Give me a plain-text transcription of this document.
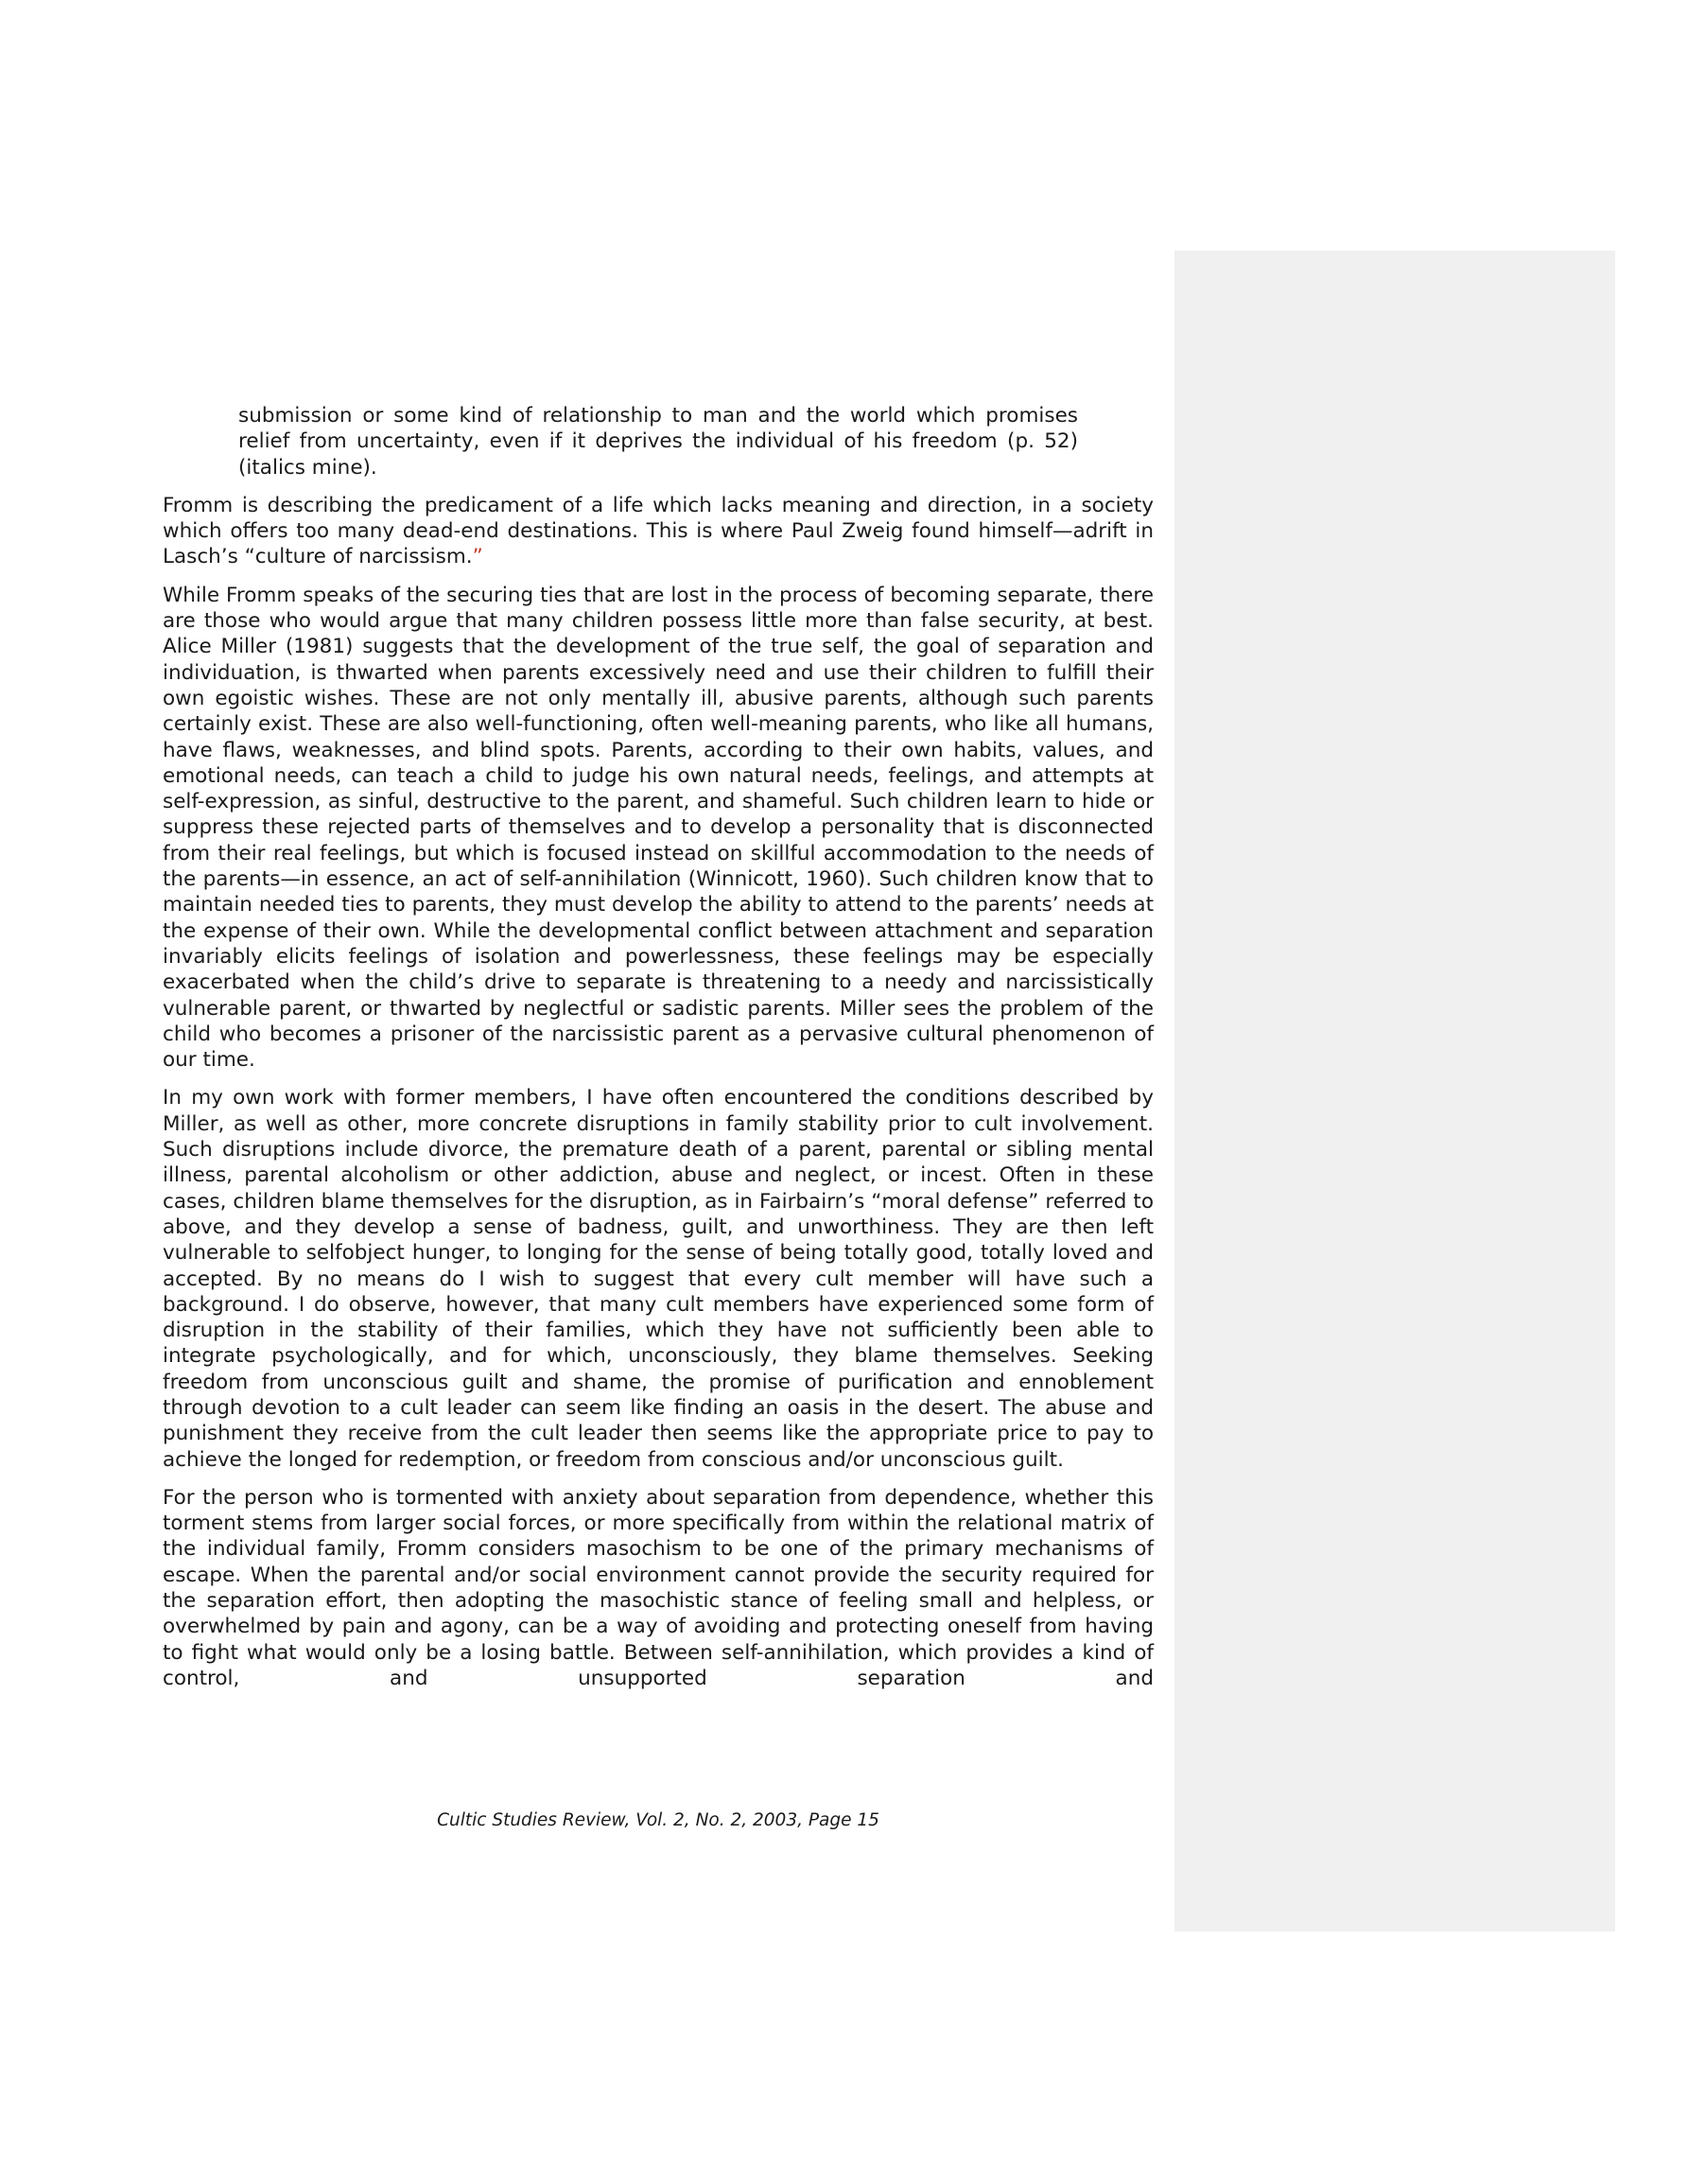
submission or some kind of relationship to man and the world which promises relief from uncertainty, even if it deprives the individual of his freedom (p. 52) (italics mine).

Fromm is describing the predicament of a life which lacks meaning and direction, in a society which offers too many dead-end destinations. This is where Paul Zweig found himself—adrift in Lasch’s “culture of narcissism.”

While Fromm speaks of the securing ties that are lost in the process of becoming separate, there are those who would argue that many children possess little more than false security, at best. Alice Miller (1981) suggests that the development of the true self, the goal of separation and individuation, is thwarted when parents excessively need and use their children to fulfill their own egoistic wishes. These are not only mentally ill, abusive parents, although such parents certainly exist. These are also well-functioning, often well-meaning parents, who like all humans, have flaws, weaknesses, and blind spots. Parents, according to their own habits, values, and emotional needs, can teach a child to judge his own natural needs, feelings, and attempts at self-expression, as sinful, destructive to the parent, and shameful. Such children learn to hide or suppress these rejected parts of themselves and to develop a personality that is disconnected from their real feelings, but which is focused instead on skillful accommodation to the needs of the parents—in essence, an act of self-annihilation (Winnicott, 1960). Such children know that to maintain needed ties to parents, they must develop the ability to attend to the parents’ needs at the expense of their own. While the developmental conflict between attachment and separation invariably elicits feelings of isolation and powerlessness, these feelings may be especially exacerbated when the child’s drive to separate is threatening to a needy and narcissistically vulnerable parent, or thwarted by neglectful or sadistic parents. Miller sees the problem of the child who becomes a prisoner of the narcissistic parent as a pervasive cultural phenomenon of our time.

In my own work with former members, I have often encountered the conditions described by Miller, as well as other, more concrete disruptions in family stability prior to cult involvement. Such disruptions include divorce, the premature death of a parent, parental or sibling mental illness, parental alcoholism or other addiction, abuse and neglect, or incest. Often in these cases, children blame themselves for the disruption, as in Fairbairn’s “moral defense” referred to above, and they develop a sense of badness, guilt, and unworthiness. They are then left vulnerable to selfobject hunger, to longing for the sense of being totally good, totally loved and accepted. By no means do I wish to suggest that every cult member will have such a background. I do observe, however, that many cult members have experienced some form of disruption in the stability of their families, which they have not sufficiently been able to integrate psychologically, and for which, unconsciously, they blame themselves. Seeking freedom from unconscious guilt and shame, the promise of purification and ennoblement through devotion to a cult leader can seem like finding an oasis in the desert. The abuse and punishment they receive from the cult leader then seems like the appropriate price to pay to achieve the longed for redemption, or freedom from conscious and/or unconscious guilt.

For the person who is tormented with anxiety about separation from dependence, whether this torment stems from larger social forces, or more specifically from within the relational matrix of the individual family, Fromm considers masochism to be one of the primary mechanisms of escape. When the parental and/or social environment cannot provide the security required for the separation effort, then adopting the masochistic stance of feeling small and helpless, or overwhelmed by pain and agony, can be a way of avoiding and protecting oneself from having to fight what would only be a losing battle. Between self-annihilation, which provides a kind of control, and unsupported separation and

Cultic Studies Review, Vol. 2, No. 2, 2003, Page 15
